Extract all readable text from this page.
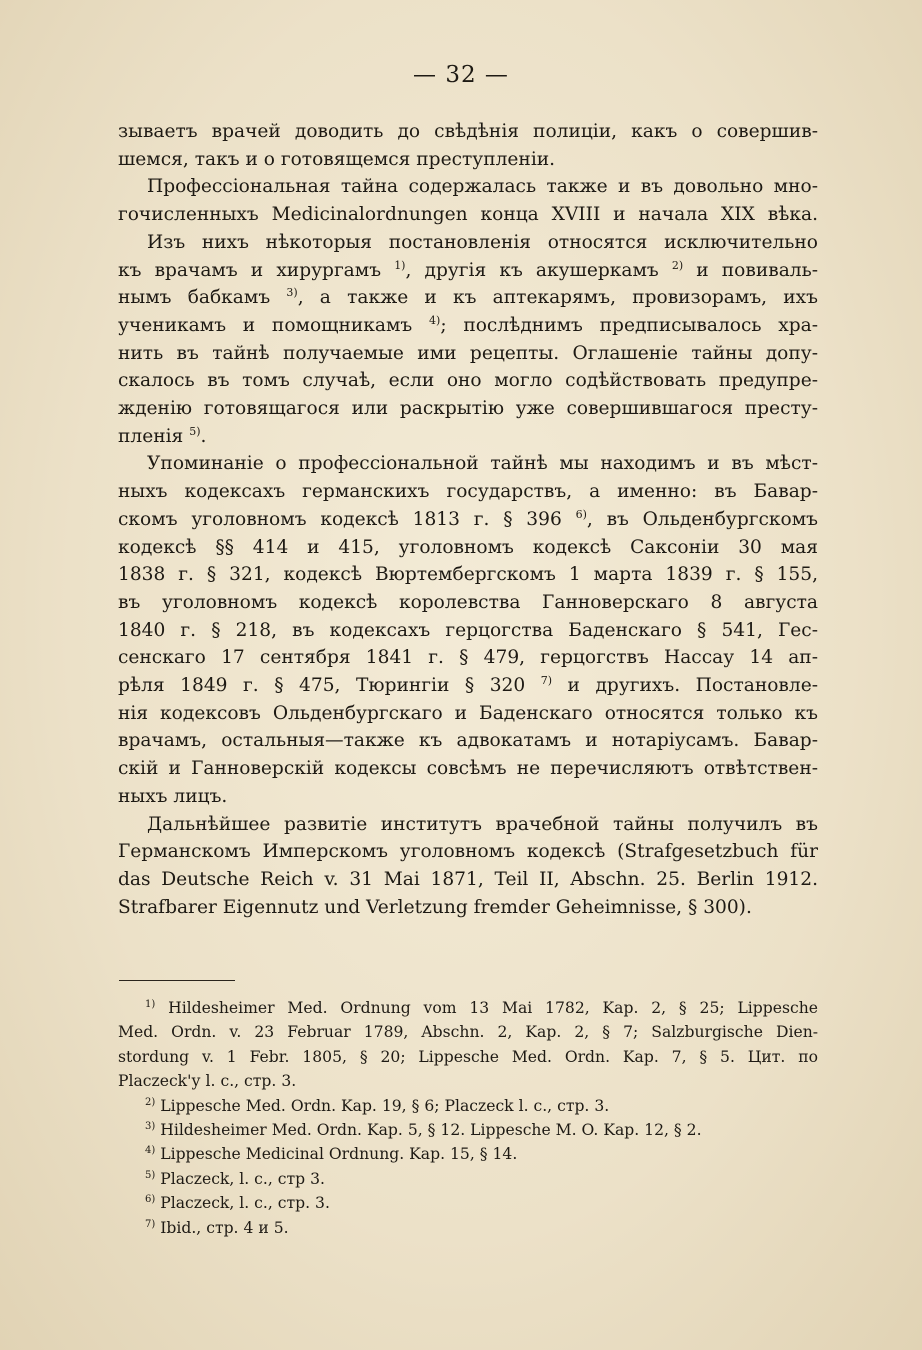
— 32 —

зываетъ врачей доводить до свѣдѣнія полиціи, какъ о совершив-
шемся, такъ и о готовящемся преступленіи.

Профессіональная тайна содержалась также и въ довольно мно-
гочисленныхъ Medicinalordnungen конца XVIII и начала XIX вѣка.

Изъ нихъ нѣкоторыя постановленія относятся исключительно
къ врачамъ и хирургамъ $^{1)}$, другія къ акушеркамъ $^{2)}$ и повиваль-
нымъ бабкамъ $^{3)}$, а также и къ аптекарямъ, провизорамъ, ихъ
ученикамъ и помощникамъ $^{4)}$; послѣднимъ предписывалось хра-
нить въ тайнѣ получаемые ими рецепты. Оглашеніе тайны допу-
скалось въ томъ случаѣ, если оно могло содѣйствовать предупре-
жденію готовящагося или раскрытію уже совершившагося престу-
пленія $^{5)}$.

Упоминаніе о профессіональной тайнѣ мы находимъ и въ мѣст-
ныхъ кодексахъ германскихъ государствъ, а именно: въ Бавар-
скомъ уголовномъ кодексѣ 1813 г. § 396 $^{6)}$, въ Ольденбургскомъ
кодексѣ §§ 414 и 415, уголовномъ кодексѣ Саксоніи 30 мая
1838 г. § 321, кодексѣ Вюртембергскомъ 1 марта 1839 г. § 155,
въ уголовномъ кодексѣ королевства Ганноверскаго 8 августа
1840 г. § 218, въ кодексахъ герцогства Баденскаго § 541, Гес-
сенскаго 17 сентября 1841 г. § 479, герцогствъ Нассау 14 ап-
рѣля 1849 г. § 475, Тюрингіи § 320 $^{7)}$ и другихъ. Постановле-
нія кодексовъ Ольденбургскаго и Баденскаго относятся только къ
врачамъ, остальныя—также къ адвокатамъ и нотаріусамъ. Бавар-
скій и Ганноверскій кодексы совсѣмъ не перечисляютъ отвѣтствен-
ныхъ лицъ.

Дальнѣйшее развитіе институтъ врачебной тайны получилъ въ
Германскомъ Имперскомъ уголовномъ кодексѣ (Strafgesetzbuch für
das Deutsche Reich v. 31 Mai 1871, Teil II, Abschn. 25. Berlin 1912.
Strafbarer Eigennutz und Verletzung fremder Geheimnisse, § 300).

$^{1)}$ Hildesheimer Med. Ordnung vom 13 Mai 1782, Kap. 2, § 25; Lippesche
Med. Ordn. v. 23 Februar 1789, Abschn. 2, Kap. 2, § 7; Salzburgische Dien-
stordung v. 1 Febr. 1805, § 20; Lippesche Med. Ordn. Kap. 7, § 5. Цит. по
Placzeck'у l. c., стр. 3.
$^{2)}$ Lippesche Med. Ordn. Kap. 19, § 6; Placzeck l. c., стр. 3.
$^{3)}$ Hildesheimer Med. Ordn. Kap. 5, § 12. Lippesche M. O. Kap. 12, § 2.
$^{4)}$ Lippesche Medicinal Ordnung. Kap. 15, § 14.
$^{5)}$ Placzeck, l. c., стр 3.
$^{6)}$ Placzeck, l. c., стр. 3.
$^{7)}$ Ibid., стр. 4 и 5.
